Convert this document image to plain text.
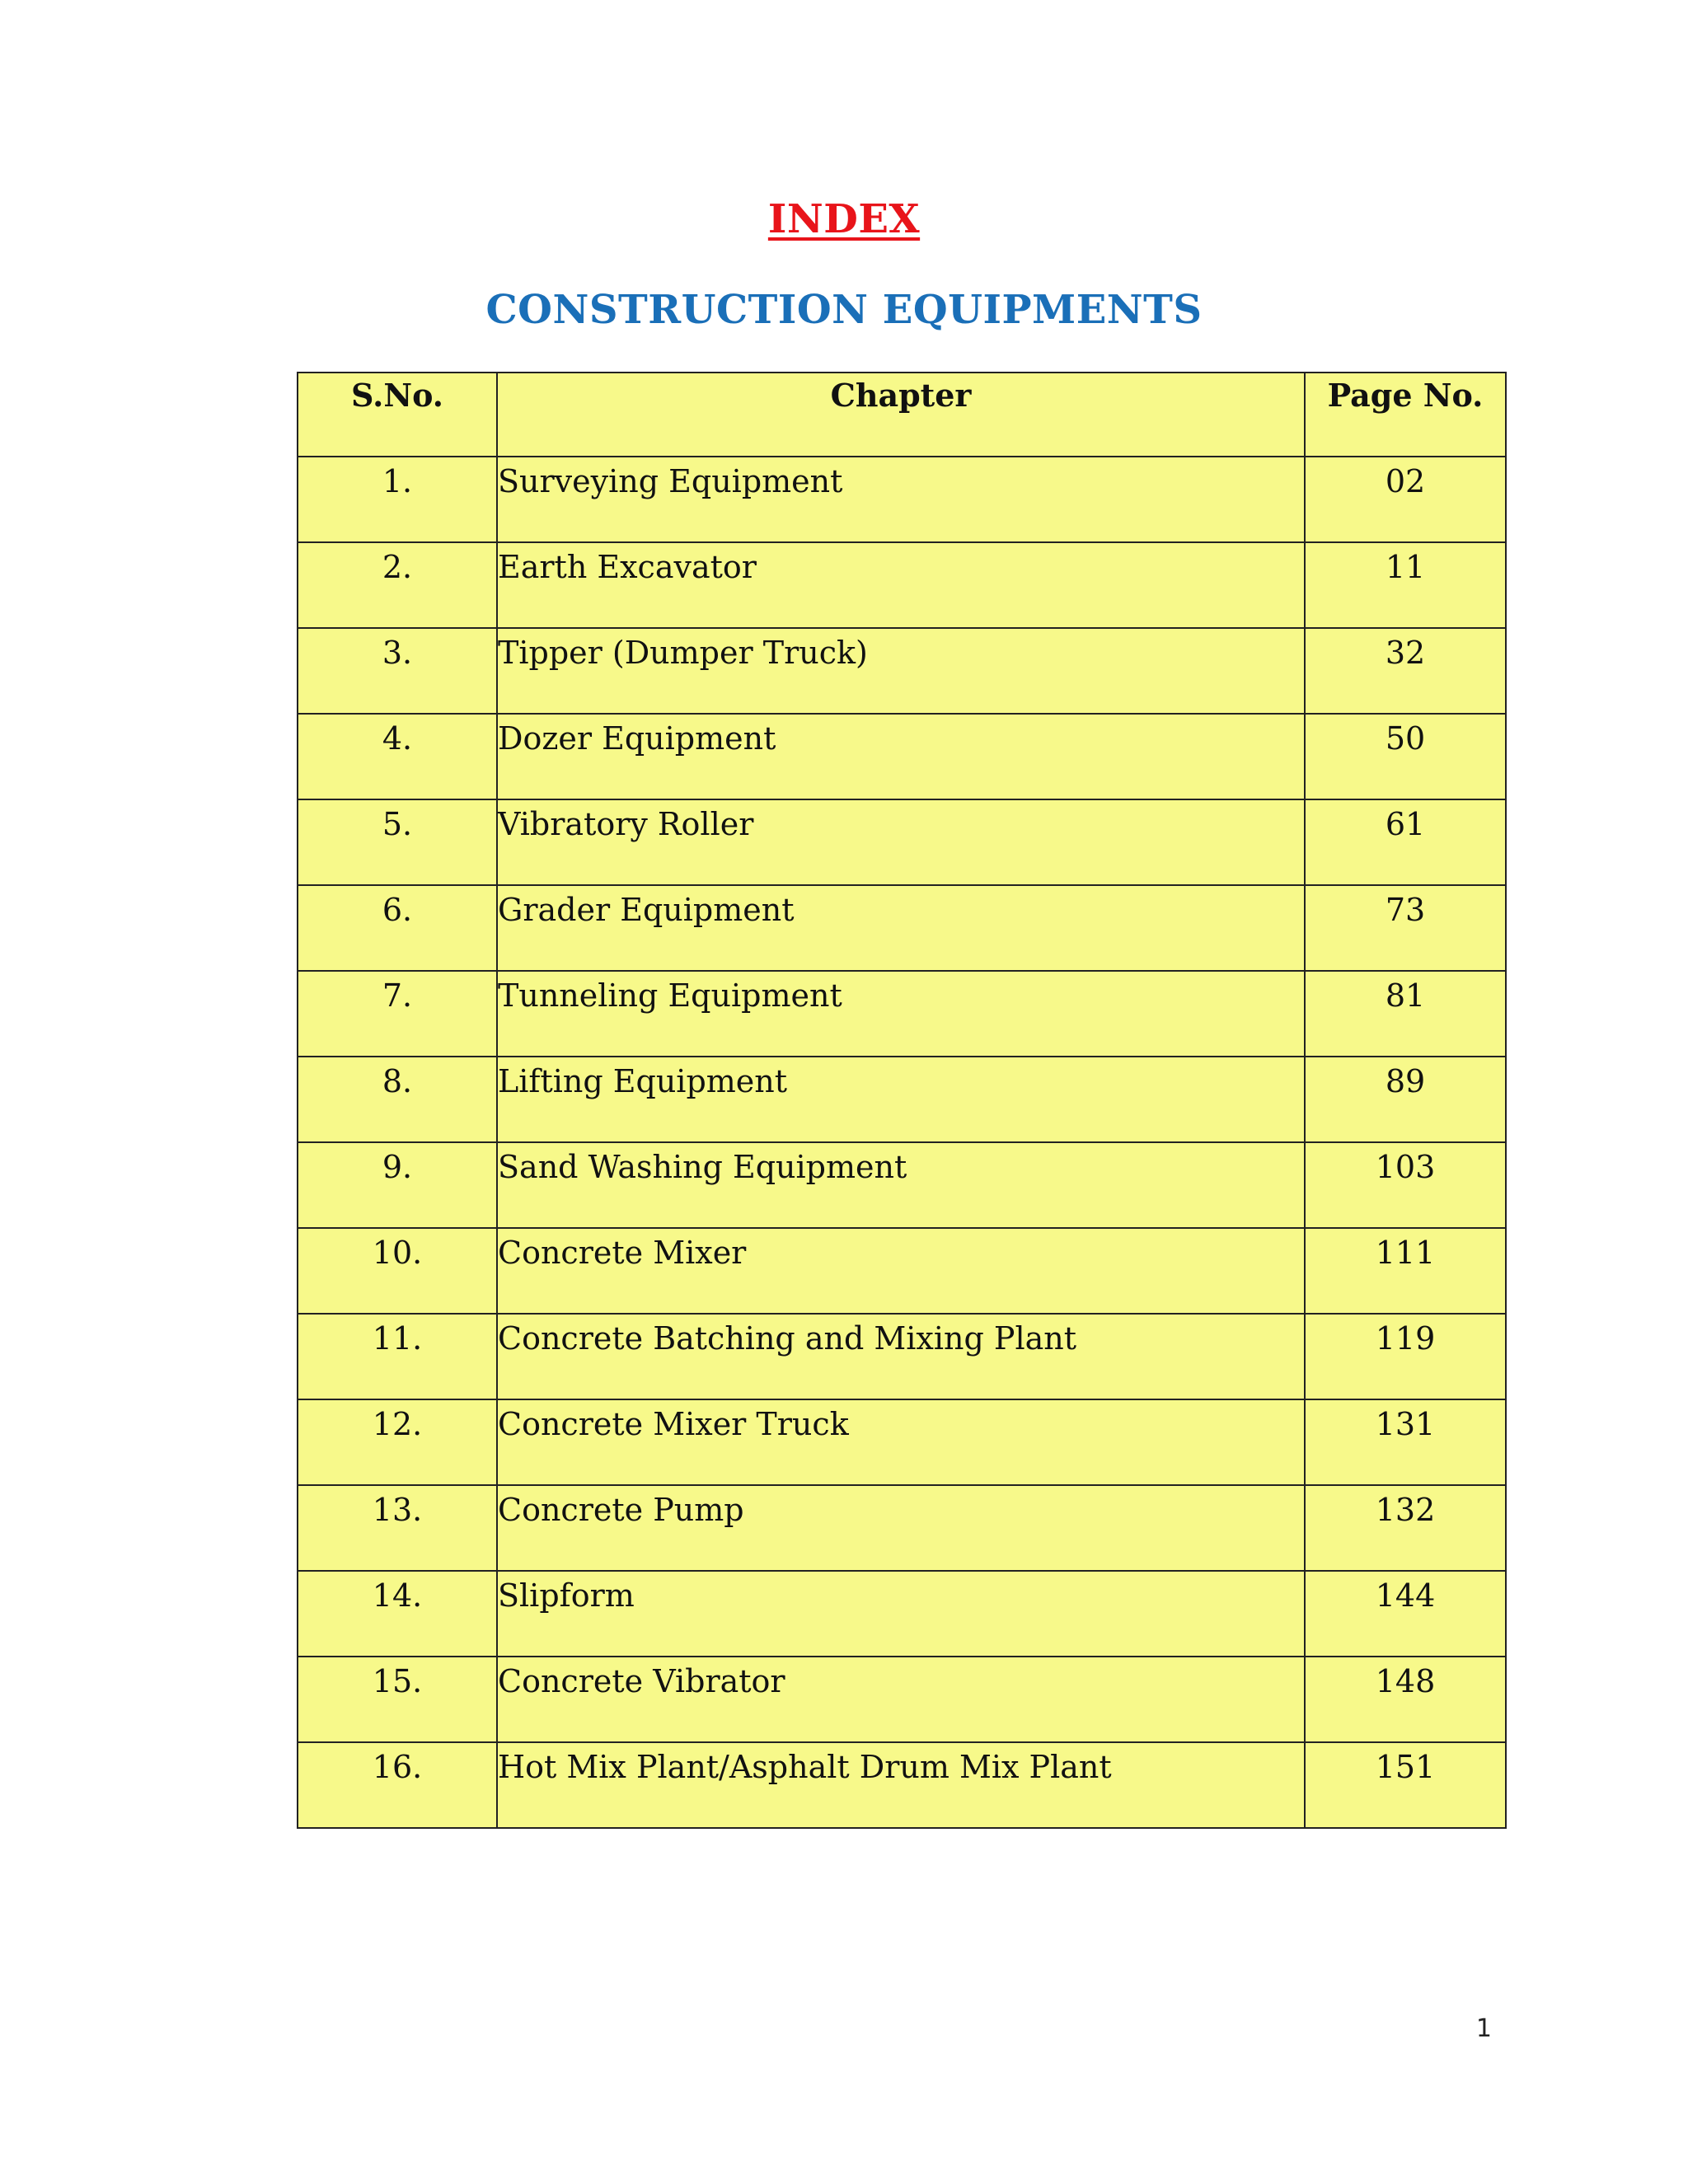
INDEX
CONSTRUCTION EQUIPMENTS
S.No.	Chapter	Page No.
1.	Surveying Equipment	02
2.	Earth Excavator	11
3.	Tipper (Dumper Truck)	32
4.	Dozer Equipment	50
5.	Vibratory Roller	61
6.	Grader Equipment	73
7.	Tunneling Equipment	81
8.	Lifting Equipment	89
9.	Sand Washing Equipment	103
10.	Concrete Mixer	111
11.	Concrete Batching and Mixing Plant	119
12.	Concrete Mixer Truck	131
13.	Concrete Pump	132
14.	Slipform	144
15.	Concrete Vibrator	148
16.	Hot Mix Plant/Asphalt Drum Mix Plant	151
1
